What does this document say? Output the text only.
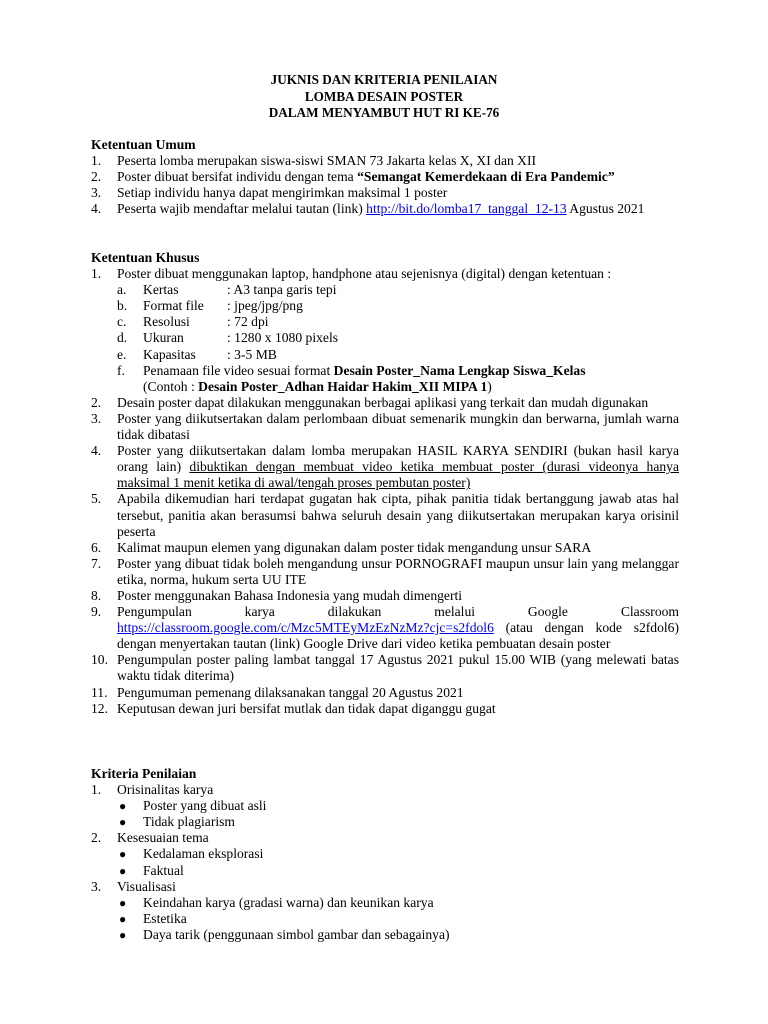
JUKNIS DAN KRITERIA PENILAIAN
LOMBA DESAIN POSTER
DALAM MENYAMBUT HUT RI KE-76
Ketentuan Umum
1. Peserta lomba merupakan siswa-siswi SMAN 73 Jakarta kelas X, XI dan XII
2. Poster dibuat bersifat individu dengan tema “Semangat Kemerdekaan di Era Pandemic”
3. Setiap individu hanya dapat mengirimkan maksimal 1 poster
4. Peserta wajib mendaftar melalui tautan (link) http://bit.do/lomba17_tanggal_12-13 Agustus 2021
Ketentuan Khusus
1. Poster dibuat menggunakan laptop, handphone atau sejenisnya (digital) dengan ketentuan :
a. Kertas	: A3 tanpa garis tepi
b. Format file : jpeg/jpg/png
c. Resolusi	: 72 dpi
d. Ukuran	: 1280 x 1080 pixels
e. Kapasitas : 3-5 MB
f. Penamaan file video sesuai format Desain Poster_Nama Lengkap Siswa_Kelas
(Contoh : Desain Poster_Adhan Haidar Hakim_XII MIPA 1)
2. Desain poster dapat dilakukan menggunakan berbagai aplikasi yang terkait dan mudah digunakan
3. Poster yang diikutsertakan dalam perlombaan dibuat semenarik mungkin dan berwarna, jumlah warna tidak dibatasi
4. Poster yang diikutsertakan dalam lomba merupakan HASIL KARYA SENDIRI (bukan hasil karya orang lain) dibuktikan dengan membuat video ketika membuat poster (durasi videonya hanya maksimal 1 menit ketika di awal/tengah proses pembutan poster)
5. Apabila dikemudian hari terdapat gugatan hak cipta, pihak panitia tidak bertanggung jawab atas hal tersebut, panitia akan berasumsi bahwa seluruh desain yang diikutsertakan merupakan karya orisinil peserta
6. Kalimat maupun elemen yang digunakan dalam poster tidak mengandung unsur SARA
7. Poster yang dibuat tidak boleh mengandung unsur PORNOGRAFI maupun unsur lain yang melanggar etika, norma, hukum serta UU ITE
8. Poster menggunakan Bahasa Indonesia yang mudah dimengerti
9. Pengumpulan	karya	dilakukan	melalui	Google	Classroom
https://classroom.google.com/c/Mzc5MTEyMzEzNzMz?cjc=s2fdol6 (atau dengan kode s2fdol6) dengan menyertakan tautan (link) Google Drive dari video ketika pembuatan desain poster
10. Pengumpulan poster paling lambat tanggal 17 Agustus 2021 pukul 15.00 WIB (yang melewati batas waktu tidak diterima)
11. Pengumuman pemenang dilaksanakan tanggal 20 Agustus 2021
12. Keputusan dewan juri bersifat mutlak dan tidak dapat diganggu gugat
Kriteria Penilaian
1. Orisinalitas karya
● Poster yang dibuat asli
● Tidak plagiarism
2. Kesesuaian tema
● Kedalaman eksplorasi
● Faktual
3. Visualisasi
● Keindahan karya (gradasi warna) dan keunikan karya
● Estetika
● Daya tarik (penggunaan simbol gambar dan sebagainya)
